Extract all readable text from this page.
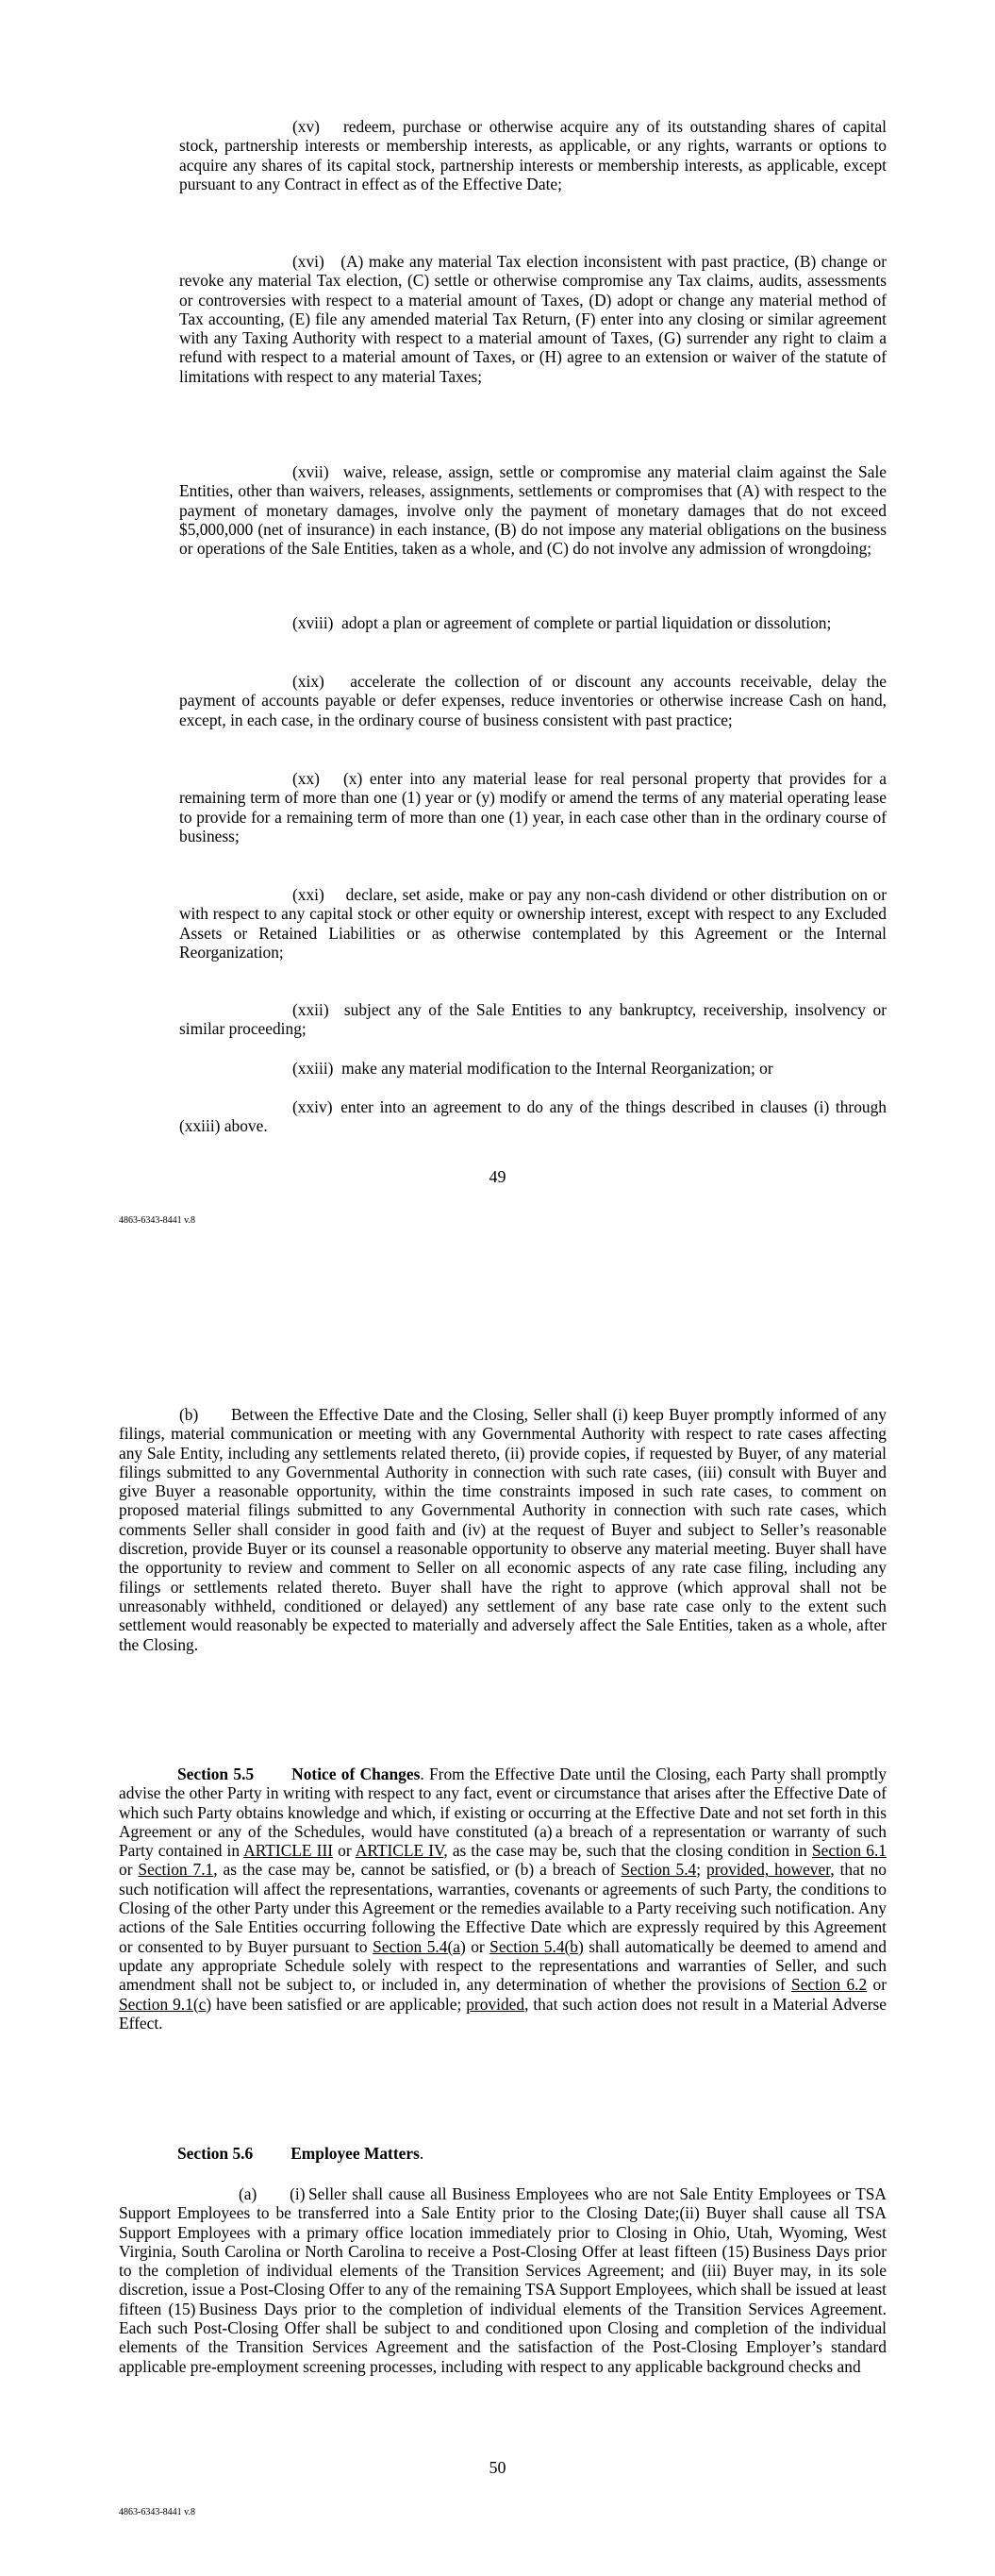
(xv)  redeem, purchase or otherwise acquire any of its outstanding shares of capital stock, partnership interests or membership interests, as applicable, or any rights, warrants or options to acquire any shares of its capital stock, partnership interests or membership interests, as applicable, except pursuant to any Contract in effect as of the Effective Date;

(xvi) (A) make any material Tax election inconsistent with past practice, (B) change or revoke any material Tax election, (C) settle or otherwise compromise any Tax claims, audits, assessments or controversies with respect to a material amount of Taxes, (D) adopt or change any material method of Tax accounting, (E) file any amended material Tax Return, (F) enter into any closing or similar agreement with any Taxing Authority with respect to a material amount of Taxes, (G) surrender any right to claim a refund with respect to a material amount of Taxes, or (H) agree to an extension or waiver of the statute of limitations with respect to any material Taxes;

(xvii)  waive, release, assign, settle or compromise any material claim against the Sale Entities, other than waivers, releases, assignments, settlements or compromises that (A) with respect to the payment of monetary damages, involve only the payment of monetary damages that do not exceed $5,000,000 (net of insurance) in each instance, (B) do not impose any material obligations on the business or operations of the Sale Entities, taken as a whole, and (C) do not involve any admission of wrongdoing;

(xviii) adopt a plan or agreement of complete or partial liquidation or dissolution;

(xix)  accelerate the collection of or discount any accounts receivable, delay the payment of accounts payable or defer expenses, reduce inventories or otherwise increase Cash on hand, except, in each case, in the ordinary course of business consistent with past practice;

(xx)  (x) enter into any material lease for real personal property that provides for a remaining term of more than one (1) year or (y) modify or amend the terms of any material operating lease to provide for a remaining term of more than one (1) year, in each case other than in the ordinary course of business;

(xxi)  declare, set aside, make or pay any non-cash dividend or other distribution on or with respect to any capital stock or other equity or ownership interest, except with respect to any Excluded Assets or Retained Liabilities or as otherwise contemplated by this Agreement or the Internal Reorganization;

(xxii)  subject any of the Sale Entities to any bankruptcy, receivership, insolvency or similar proceeding;

(xxiii) make any material modification to the Internal Reorganization; or

(xxiv) enter into an agreement to do any of the things described in clauses (i) through (xxiii) above.

49
4863-6343-8441 v.8

(b)  Between the Effective Date and the Closing, Seller shall (i) keep Buyer promptly informed of any filings, material communication or meeting with any Governmental Authority with respect to rate cases affecting any Sale Entity, including any settlements related thereto, (ii) provide copies, if requested by Buyer, of any material filings submitted to any Governmental Authority in connection with such rate cases, (iii) consult with Buyer and give Buyer a reasonable opportunity, within the time constraints imposed in such rate cases, to comment on proposed material filings submitted to any Governmental Authority in connection with such rate cases, which comments Seller shall consider in good faith and (iv) at the request of Buyer and subject to Seller’s reasonable discretion, provide Buyer or its counsel a reasonable opportunity to observe any material meeting. Buyer shall have the opportunity to review and comment to Seller on all economic aspects of any rate case filing, including any filings or settlements related thereto. Buyer shall have the right to approve (which approval shall not be unreasonably withheld, conditioned or delayed) any settlement of any base rate case only to the extent such settlement would reasonably be expected to materially and adversely affect the Sale Entities, taken as a whole, after the Closing.

Section 5.5 Notice of Changes. From the Effective Date until the Closing, each Party shall promptly advise the other Party in writing with respect to any fact, event or circumstance that arises after the Effective Date of which such Party obtains knowledge and which, if existing or occurring at the Effective Date and not set forth in this Agreement or any of the Schedules, would have constituted (a) a breach of a representation or warranty of such Party contained in ARTICLE III or ARTICLE IV, as the case may be, such that the closing condition in Section 6.1 or Section 7.1, as the case may be, cannot be satisfied, or (b) a breach of Section 5.4; provided, however, that no such notification will affect the representations, warranties, covenants or agreements of such Party, the conditions to Closing of the other Party under this Agreement or the remedies available to a Party receiving such notification. Any actions of the Sale Entities occurring following the Effective Date which are expressly required by this Agreement or consented to by Buyer pursuant to Section 5.4(a) or Section 5.4(b) shall automatically be deemed to amend and update any appropriate Schedule solely with respect to the representations and warranties of Seller, and such amendment shall not be subject to, or included in, any determination of whether the provisions of Section 6.2 or Section 9.1(c) have been satisfied or are applicable; provided, that such action does not result in a Material Adverse Effect.

Section 5.6 Employee Matters.

(a)  (i) Seller shall cause all Business Employees who are not Sale Entity Employees or TSA Support Employees to be transferred into a Sale Entity prior to the Closing Date;(ii) Buyer shall cause all TSA Support Employees with a primary office location immediately prior to Closing in Ohio, Utah, Wyoming, West Virginia, South Carolina or North Carolina to receive a Post-Closing Offer at least fifteen (15) Business Days prior to the completion of individual elements of the Transition Services Agreement; and (iii) Buyer may, in its sole discretion, issue a Post-Closing Offer to any of the remaining TSA Support Employees, which shall be issued at least fifteen (15) Business Days prior to the completion of individual elements of the Transition Services Agreement. Each such Post-Closing Offer shall be subject to and conditioned upon Closing and completion of the individual elements of the Transition Services Agreement and the satisfaction of the Post-Closing Employer’s standard applicable pre-employment screening processes, including with respect to any applicable background checks and

50
4863-6343-8441 v.8
